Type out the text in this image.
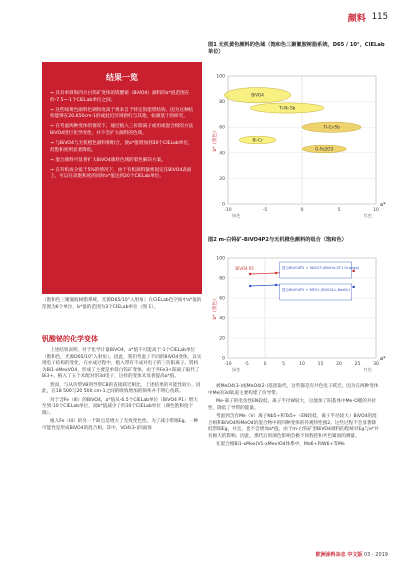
颜料 115
结果一览
→ 具有单斜和四方白钨矿变体的钒酸铋（BiVO4）颜料的a*值范围在约-7.5~-1个CIELab单位之间。
→ 这些绿黄色颜料色调和度高于黄来自于特定的能带结构，因为这种结构能够在20,650cm-1的或此近区域供红与其他，如颜基十的研究。
→ 在考虑两种变体的情况下，通过植入三价阳离子或用或混合相的方法BiVO4进行化学改性，并不会扩大颜料的色域。
→ 与BiVO4与无机橙色颜料相组合，使a*值增加到30个CIELab单位，但饱和度则显著降低。
→ 混合颜料可显著扩大BiVO4颜料色域的着色解决方案。
→ 在有机成分低于5%的情况下，由于有机颜料紧密固定在BiVO4表面上，可以在高饱和度的同时a*值达到20个CIELab单位。
（饱和色三聚氰胺树脂系统，光源D65/10°入射角）在CIELab色空间中a*值的范围为6个单位，b*值的范围为3个CIELab单位（图 1）。
钒酸铋的化学变体

上述结果表明，对于化学计量BiVO4，a*值不可能高于-1个CIELab单位（饱和色，光源D65/10°入射角）。因此，我们考虑了不同的BiVO4变体，以实现电子结构的变化，在亦成过程中，植入带有不成对电子的三价阳离子。钒构为Bi1-xMexVO4，形成了主要是单斜白钨矿变体。由于共Fe3+阳离子取代了Bi3+，植入了五个未配对的3d电子，这样的变体未显著提高a*值。

然而，与从价带VB到导带CB的直接跃迁相比，上述结果的可能性较小。因此，在18 500与20 500 cm-1之间的吸收增加的频率并不明心鱼跃。

对于含Fe（III）的BiVO4，a*值从-6.5个CIELab单位（BiVO4 P1）增大至到-10个CIELab单位，而b*值减少了约10个CIELab单位（颜色饱和度下降）。

植入Fe（III）的另一个缺点是增大了光致变色性。为了减小带隙Eg，一种可能性是形成BiVO4的混合相。其中，VO4(3-)四面体

图1 无机黄色颜料的色域（饱和色三聚氰胺树脂系统，D65 / 10°，CIELab单位）
0
20
40
60
80
100
-10	-5	0	5	10
a*
b*（黄色）
绿色	红色
ВіVO4
Ti-Ni-Sb
Ti-Cr-Sb
G-Fe2O3
Bi-Cr
图2 m-白钨矿-BiVO4P2与无机橙色颜料的组合（饱和色）
0
20
40
60
80
100
-10	-5	0	5	10	15	20	25	30
a*
b*（黄色）
绿色	红色
混合BiVO4P2 + Sb2O3 (BiVO4-ST1 Orange)
混合BiVO4P2 + MFV1 (BiVO4-L-RedOr)
BiVO4 P2

被MeO4(3-)或MeO4(2-)基团取代，这些都是有共色电子跃迁。因为在两种变体中Me的3d轨道主要构建了价导带。

Me-离子的电负性EN较低，离子半径W较大，这使加了阳基体中Me-O键的共价性，降低了导带的能量。

考虑到含有Me（V）离子Nb5+和Ta5+（EN较低，离子半径较大）BiVO4的混合相和BiVO4和MeO4的混合物中的四种变体的外观特性图2。这些过程不会显著降低带隙Eg，并且，也不会增加a*值。由于m-白钨矿型BiVO4颜料的程统对Eg与a*共有极大的影响，因此，那代后的颜色影响会极不同程控和共色紧固的测量。

在混合相Bi1-xMex(V1-xMex)O4体系中，Mo6+和W6+等Me

欧洲涂料杂志 中文版 03 - 2019
